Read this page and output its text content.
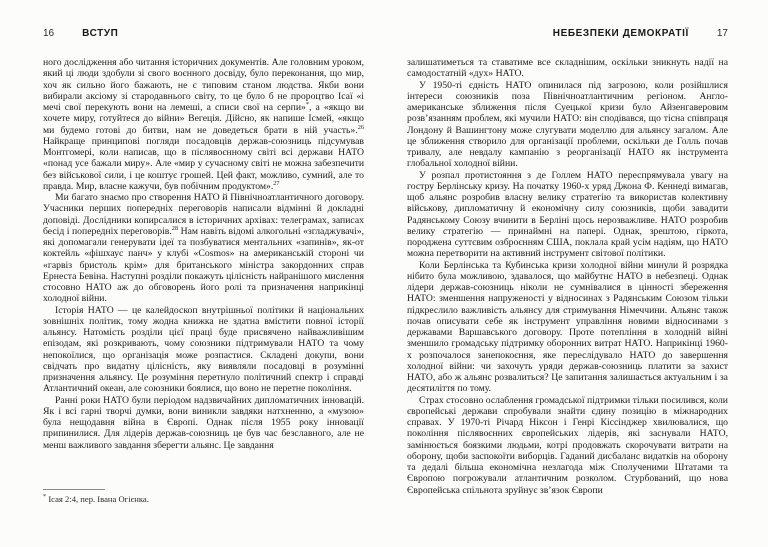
16	ВСТУП

ного дослідження або читання історичних документів. Але головним уроком, який ці люди здобули зі свого воєнного досвіду, було переконання, що мир, хоч як сильно його бажають, не є типовим станом людства. Якби вони вибирали аксіому зі стародавнього світу, то це було б не пророцтво Ісаї «і мечі свої перекують вони на лемеші, а списи свої на серпи»*, а «якщо ви хочете миру, готуйтеся до війни» Вегеція. Дійсно, як напише Ісмей, «якщо ми будемо готові до битви, нам не доведеться брати в ній участь».$^{26}$ Найкраще принципові погляди посадовців держав-союзниць підсумував Монтгомері, коли написав, що в післявоєнному світі всі держави НАТО «понад усе бажали миру». Але «мир у сучасному світі не можна забезпечити без військової сили, і це коштує грошей. Цей факт, можливо, сумний, але то правда. Мир, власне кажучи, був побічним продуктом».$^{27}$

Ми багато знаємо про створення НАТО й Північноатлантичного договору. Учасники перших попередніх переговорів написали відмінні й докладні доповіді. Дослідники копирсалися в історичних архівах: телеграмах, записах бесід і попередніх переговорів.$^{28}$ Нам навіть відомі алкогольні «згладжувачі», які допомагали генерувати ідеї та позбуватися ментальних «запинів», як-от коктейль «фішхаус панч» у клубі «Cosmos» на американській стороні чи «гарвіз бристоль крім» для британського міністра закордонних справ Ернеста Бевіна. Наступні розділи покажуть цілісність найранішого мислення стосовно НАТО аж до обговорень його ролі та призначення наприкінці холодної війни.

Історія НАТО — це калейдоскоп внутрішньої політики й національних зовнішніх політик, тому жодна книжка не здатна вмістити повної історії альянсу. Натомість розділи цієї праці буде присвячено найважливішим епізодам, які розкривають, чому союзники підтримували НАТО та чому непокоїлися, що організація може розпастися. Складені докупи, вони свідчать про видатну цілісність, яку виявляли посадовці в розумінні призначення альянсу. Це розуміння перетнуло політичний спектр і справді Атлантичний океан, але союзники боялися, що воно не перетне покоління.

Ранні роки НАТО були періодом надзвичайних дипломатичних інновацій. Як і всі гарні творчі думки, вони виникли завдяки натхненню, а «музою» була нещодавня війна в Європі. Однак після 1955 року інновації припинилися. Для лідерів держав-союзниць це був час безславного, але не менш важливого завдання зберегти альянс. Це завдання

* Ісая 2:4, пер. Івана Огієнка.
НЕБЕЗПЕКИ ДЕМОКРАТІЇ	17

залишатиметься та ставатиме все складнішим, оскільки зникнуть надії на самодостатній «дух» НАТО.

У 1950-ті єдність НАТО опинилася під загрозою, коли розійшлися інтереси союзників поза Північноатлантичним регіоном. Англо-американське зближення після Суецької кризи було Айзенгаверовим розв’язанням проблем, які мучили НАТО: він сподівався, що тісна співпраця Лондону й Вашингтону може слугувати моделлю для альянсу загалом. Але це зближення створило для організації проблеми, оскільки де Голль почав тривалу, але невдалу кампанію з реорганізації НАТО як інструмента глобальної холодної війни.

У розпал протистояння з де Голлем НАТО переспрямувала увагу на гостру Берлінську кризу. На початку 1960-х уряд Джона Ф. Кеннеді вимагав, щоб альянс розробив власну велику стратегію та використав колективну військову, дипломатичну й економічну силу союзників, щоби завадити Радянському Союзу вчинити в Берліні щось нерозважливе. НАТО розробив велику стратегію — принаймні на папері. Однак, зрештою, гіркота, породжена суттєвим озброєнням США, поклала край усім надіям, що НАТО можна перетворити на активний інструмент світової політики.

Коли Берлінська та Кубинська кризи холодної війни минули й розрядка нібито була можливою, здавалося, що майбутнє НАТО в небезпеці. Однак лідери держав-союзниць ніколи не сумнівалися в цінності збереження НАТО: зменшення напруженості у відносинах з Радянським Союзом тільки підкреслило важливість альянсу для стримування Німеччини. Альянс також почав описувати себе як інструмент управління новими відносинами з державами Варшавського договору. Проте потепління в холодній війні зменшило громадську підтримку оборонних витрат НАТО. Наприкінці 1960-х розпочалося занепокоєння, яке переслідувало НАТО до завершення холодної війни: чи захочуть уряди держав-союзниць платити за захист НАТО, або ж альянс розвалиться? Це запитання залишається актуальним і за десятиліття по тому.

Страх стосовно ослаблення громадської підтримки тільки посилився, коли європейські держави спробували знайти єдину позицію в міжнародних справах. У 1970-ті Річард Ніксон і Генрі Кіссінджер хвилювалися, що покоління післявоєнних європейських лідерів, які заснували НАТО, замінюється боязкими людьми, котрі продовжать скорочувати витрати на оборону, щоби заспокоїти виборців. Гаданий дисбаланс видатків на оборону та дедалі більша економічна незлагода між Сполученими Штатами та Європою погрожували атлантичним розколом. Стурбований, що нова Європейська спільнота зруйнує зв’язок Європи
